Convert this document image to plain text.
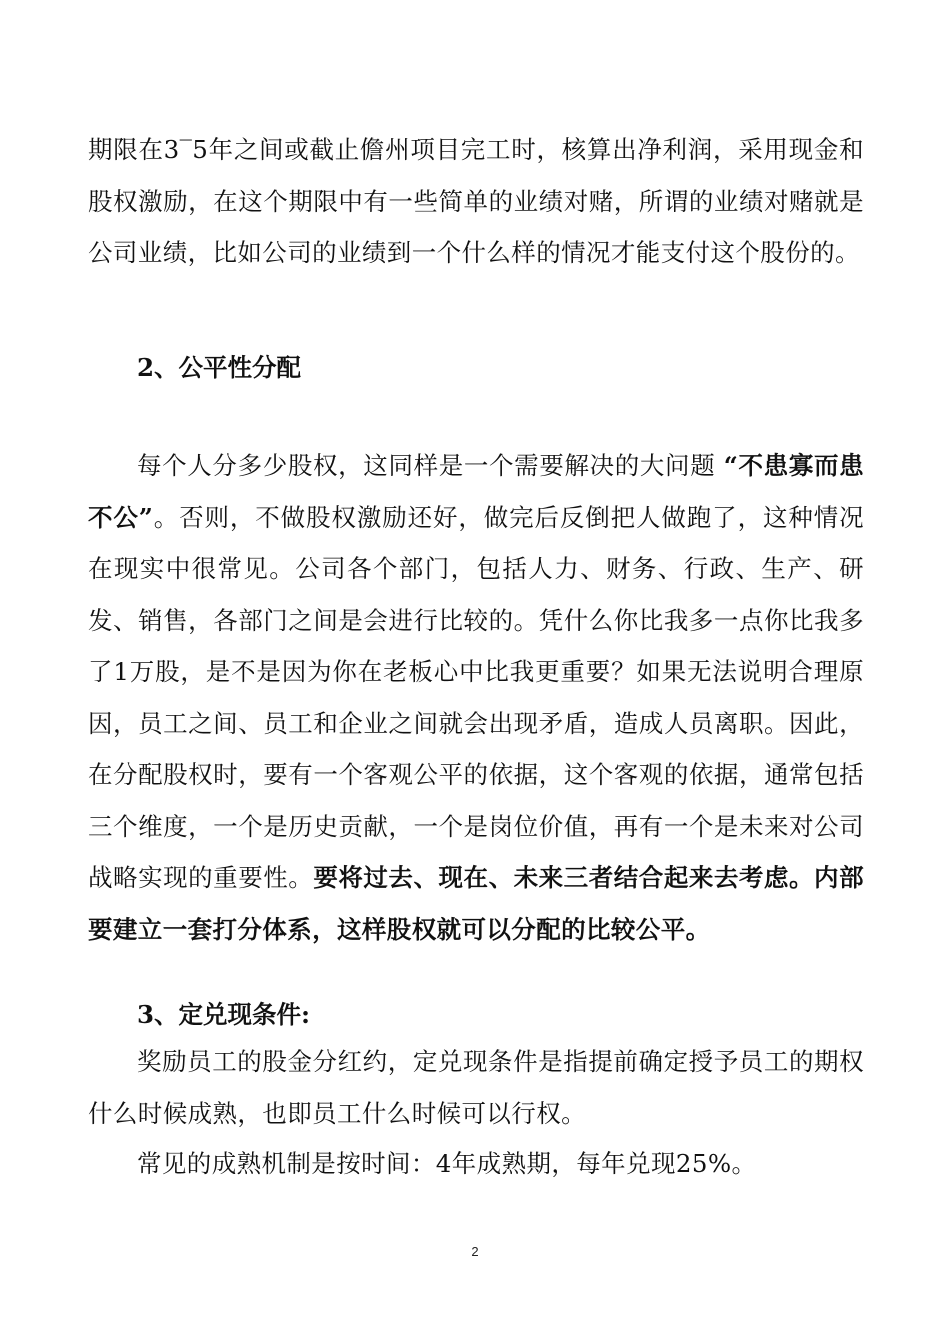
期限在3‾5年之间或截止儋州项目完工时，核算出净利润，采用现金和股权激励，在这个期限中有一些简单的业绩对赌，所谓的业绩对赌就是公司业绩，比如公司的业绩到一个什么样的情况才能支付这个股份的。

2、公平性分配

每个人分多少股权，这同样是一个需要解决的大问题 “不患寡而患不公”。否则，不做股权激励还好，做完后反倒把人做跑了，这种情况在现实中很常见。公司各个部门，包括人力、财务、行政、生产、研发、销售，各部门之间是会进行比较的。凭什么你比我多一点你比我多了1万股，是不是因为你在老板心中比我更重要？如果无法说明合理原因，员工之间、员工和企业之间就会出现矛盾，造成人员离职。因此，在分配股权时，要有一个客观公平的依据，这个客观的依据，通常包括三个维度，一个是历史贡献，一个是岗位价值，再有一个是未来对公司战略实现的重要性。要将过去、现在、未来三者结合起来去考虑。内部要建立一套打分体系，这样股权就可以分配的比较公平。

3、定兑现条件:

奖励员工的股金分红约，定兑现条件是指提前确定授予员工的期权什么时候成熟，也即员工什么时候可以行权。

常见的成熟机制是按时间：4年成熟期，每年兑现25%。

2
